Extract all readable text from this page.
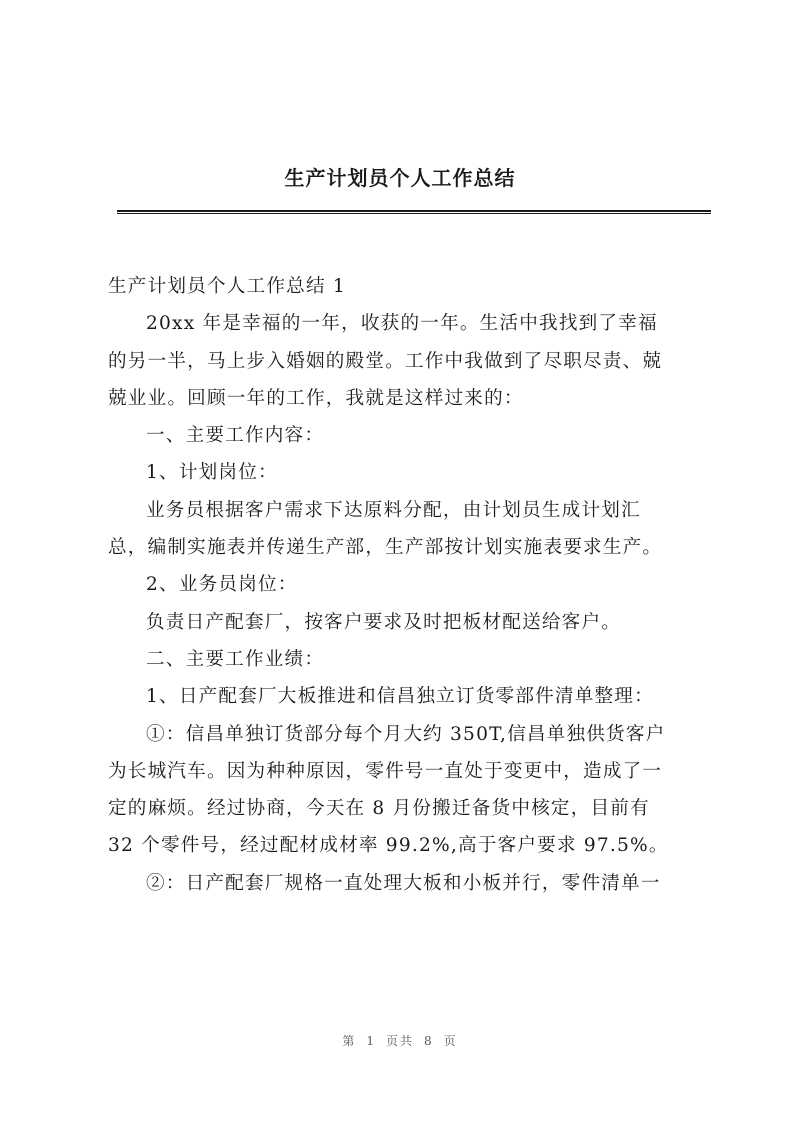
生产计划员个人工作总结

生产计划员个人工作总结 1

20xx 年是幸福的一年，收获的一年。生活中我找到了幸福

的另一半，马上步入婚姻的殿堂。工作中我做到了尽职尽责、兢

兢业业。回顾一年的工作，我就是这样过来的：

一、主要工作内容：

1、计划岗位：

业务员根据客户需求下达原料分配，由计划员生成计划汇

总，编制实施表并传递生产部，生产部按计划实施表要求生产。

2、业务员岗位：

负责日产配套厂，按客户要求及时把板材配送给客户。

二、主要工作业绩：

1、日产配套厂大板推进和信昌独立订货零部件清单整理：

①：信昌单独订货部分每个月大约 350T,信昌单独供货客户

为长城汽车。因为种种原因，零件号一直处于变更中，造成了一

定的麻烦。经过协商，今天在 8 月份搬迁备货中核定，目前有

32 个零件号，经过配材成材率 99.2%,高于客户要求 97.5%。

②：日产配套厂规格一直处理大板和小板并行，零件清单一

第 1 页共 8 页
